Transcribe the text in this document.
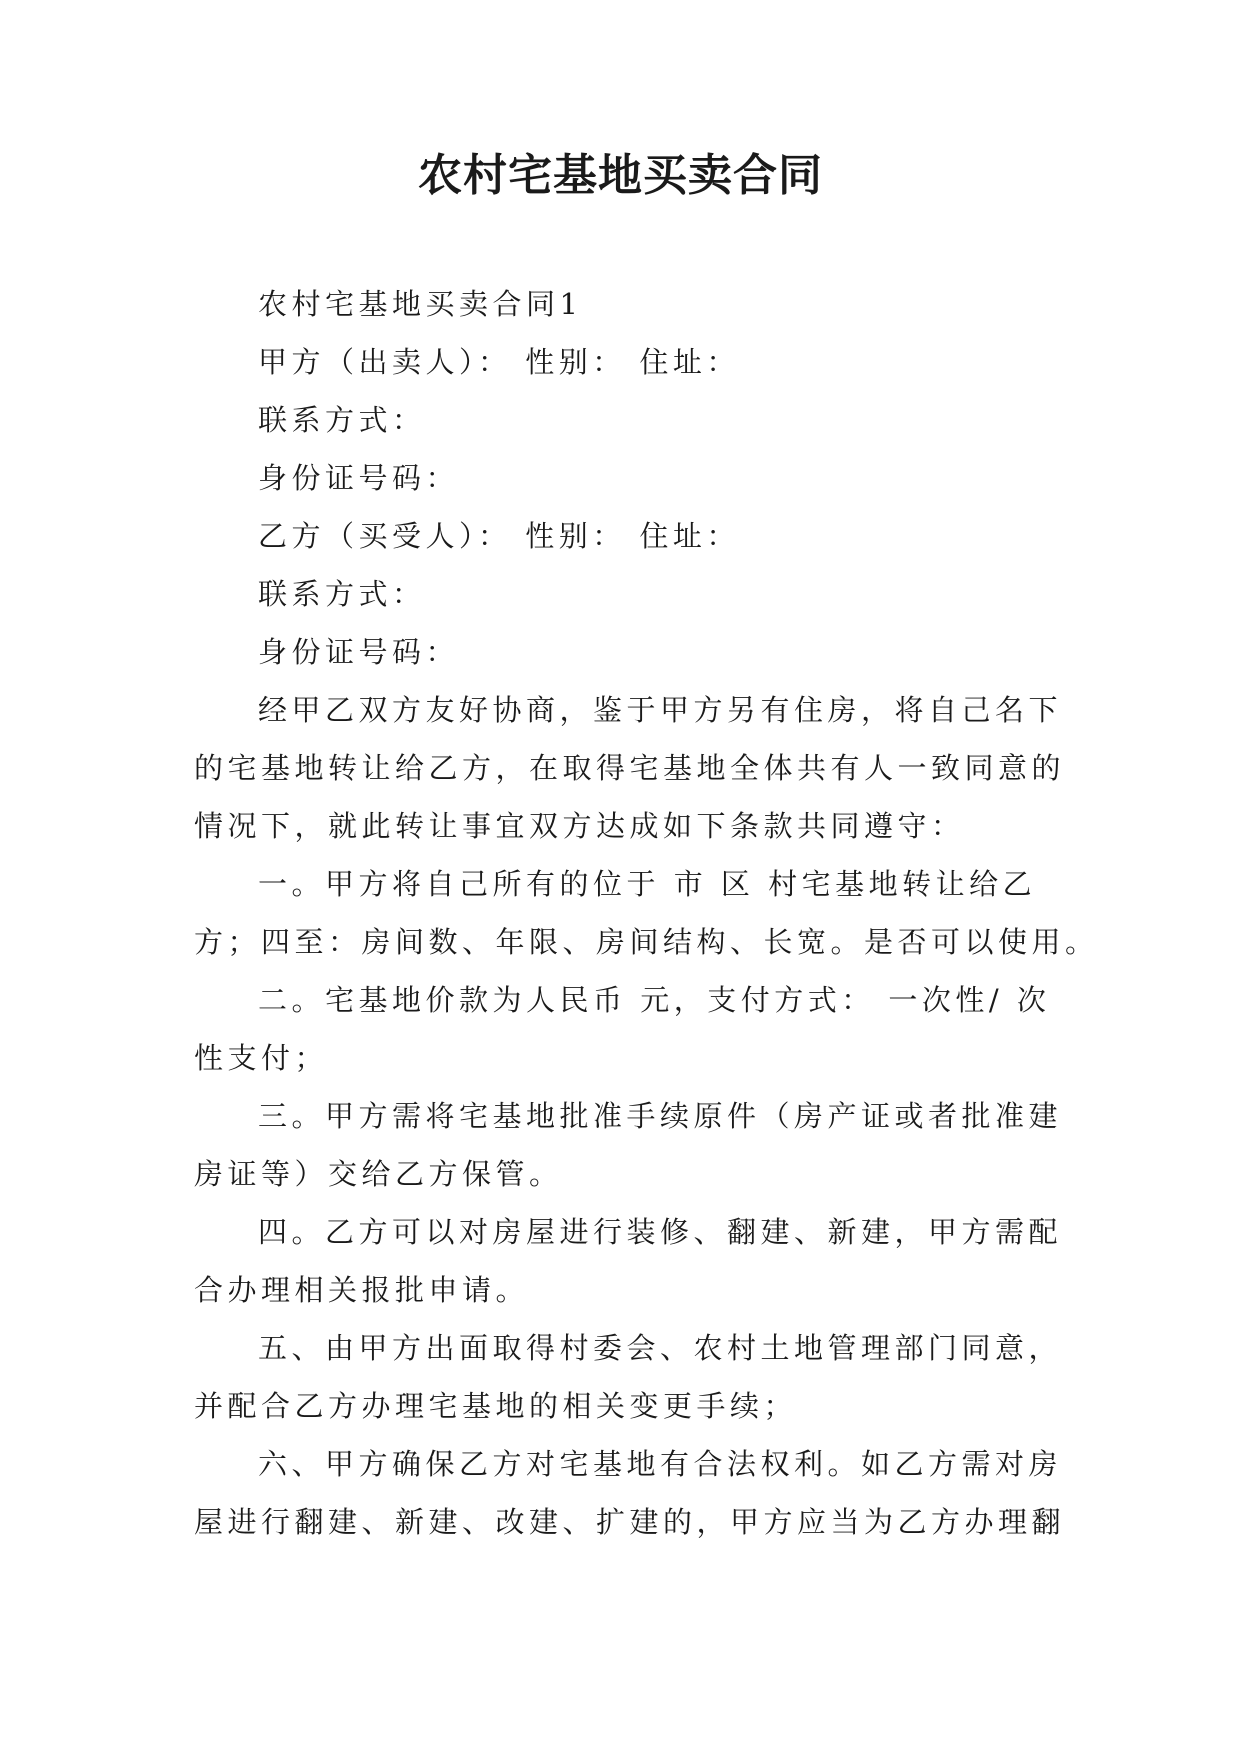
农村宅基地买卖合同
农村宅基地买卖合同1
甲方（出卖人）： 性别： 住址：
联系方式：
身份证号码：
乙方（买受人）： 性别： 住址：
联系方式：
身份证号码：
经甲乙双方友好协商，鉴于甲方另有住房，将自己名下
的宅基地转让给乙方，在取得宅基地全体共有人一致同意的
情况下，就此转让事宜双方达成如下条款共同遵守：
一。甲方将自己所有的位于 市 区 村宅基地转让给乙
方；四至：房间数、年限、房间结构、长宽。是否可以使用。
二。宅基地价款为人民币 元，支付方式： 一次性/ 次
性支付；
三。甲方需将宅基地批准手续原件（房产证或者批准建
房证等）交给乙方保管。
四。乙方可以对房屋进行装修、翻建、新建，甲方需配
合办理相关报批申请。
五、由甲方出面取得村委会、农村土地管理部门同意，
并配合乙方办理宅基地的相关变更手续；
六、甲方确保乙方对宅基地有合法权利。如乙方需对房
屋进行翻建、新建、改建、扩建的，甲方应当为乙方办理翻
